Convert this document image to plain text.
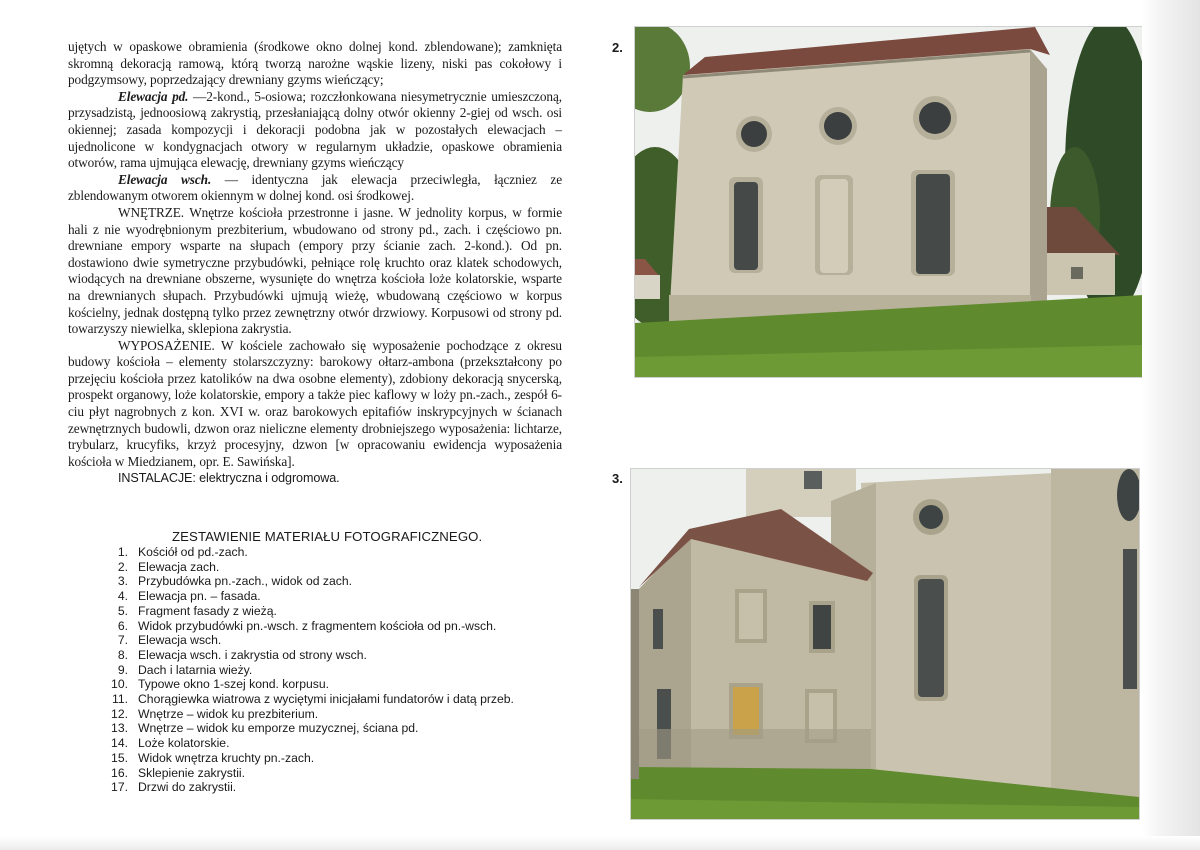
ujętych w opaskowe obramienia (środkowe okno dolnej kond. zblendowane); zamknięta skromną dekoracją ramową, którą tworzą narożne wąskie lizeny, niski pas cokołowy i podgzymsowy, poprzedzający drewniany gzyms wieńczący;

Elewacja pd. —2-kond., 5-osiowa; rozczłonkowana niesymetrycznie umieszczoną, przysadzistą, jednoosiową zakrystią, przesłaniającą dolny otwór okienny 2-giej od wsch. osi okiennej; zasada kompozycji i dekoracji podobna jak w pozostałych elewacjach – ujednolicone w kondygnacjach otwory w regularnym układzie, opaskowe obramienia otworów, rama ujmująca elewację, drewniany gzyms wieńczący

Elewacja wsch. — identyczna jak elewacja przeciwległa, łączniez ze zblendowanym otworem okiennym w dolnej kond. osi środkowej.

WNĘTRZE. Wnętrze kościoła przestronne i jasne. W jednolity korpus, w formie hali z nie wyodrębnionym prezbiterium, wbudowano od strony pd., zach. i częściowo pn. drewniane empory wsparte na słupach (empory przy ścianie zach. 2-kond.). Od pn. dostawiono dwie symetryczne przybudówki, pełniące rolę kruchto oraz klatek schodowych, wiodących na drewniane obszerne, wysunięte do wnętrza kościoła loże kolatorskie, wsparte na drewnianych słupach. Przybudówki ujmują wieżę, wbudowaną częściowo w korpus kościelny, jednak dostępną tylko przez zewnętrzny otwór drzwiowy. Korpusowi od strony pd. towarzyszy niewielka, sklepiona zakrystia.

WYPOSAŻENIE. W kościele zachowało się wyposażenie pochodzące z okresu budowy kościoła – elementy stolarszczyzny: barokowy ołtarz-ambona (przekształcony po przejęciu kościoła przez katolików na dwa osobne elementy), zdobiony dekoracją snycerską, prospekt organowy, loże kolatorskie, empory a także piec kaflowy w loży pn.-zach., zespół 6-ciu płyt nagrobnych z kon. XVI w. oraz barokowych epitafiów inskrypcyjnych w ścianach zewnętrznych budowli, dzwon oraz nieliczne elementy drobniejszego wyposażenia: lichtarze, trybularz, krucyfiks, krzyż procesyjny, dzwon [w opracowaniu ewidencja wyposażenia kościoła w Miedzianem, opr. E. Sawińska].

INSTALACJE: elektryczna i odgromowa.

ZESTAWIENIE MATERIAŁU FOTOGRAFICZNEGO.
1. Kościół od pd.-zach.
2. Elewacja zach.
3. Przybudówka pn.-zach., widok od zach.
4. Elewacja pn. – fasada.
5. Fragment fasady z wieżą.
6. Widok przybudówki pn.-wsch. z fragmentem kościoła od pn.-wsch.
7. Elewacja wsch.
8. Elewacja wsch. i zakrystia od strony wsch.
9. Dach i latarnia wieży.
10. Typowe okno 1-szej kond. korpusu.
11. Chorągiewka wiatrowa z wyciętymi inicjałami fundatorów i datą przeb.
12. Wnętrze – widok ku prezbiterium.
13. Wnętrze – widok ku emporze muzycznej, ściana pd.
14. Loże kolatorskie.
15. Widok wnętrza kruchty pn.-zach.
16. Sklepienie zakrystii.
17. Drzwi do zakrystii.
2.
3.
